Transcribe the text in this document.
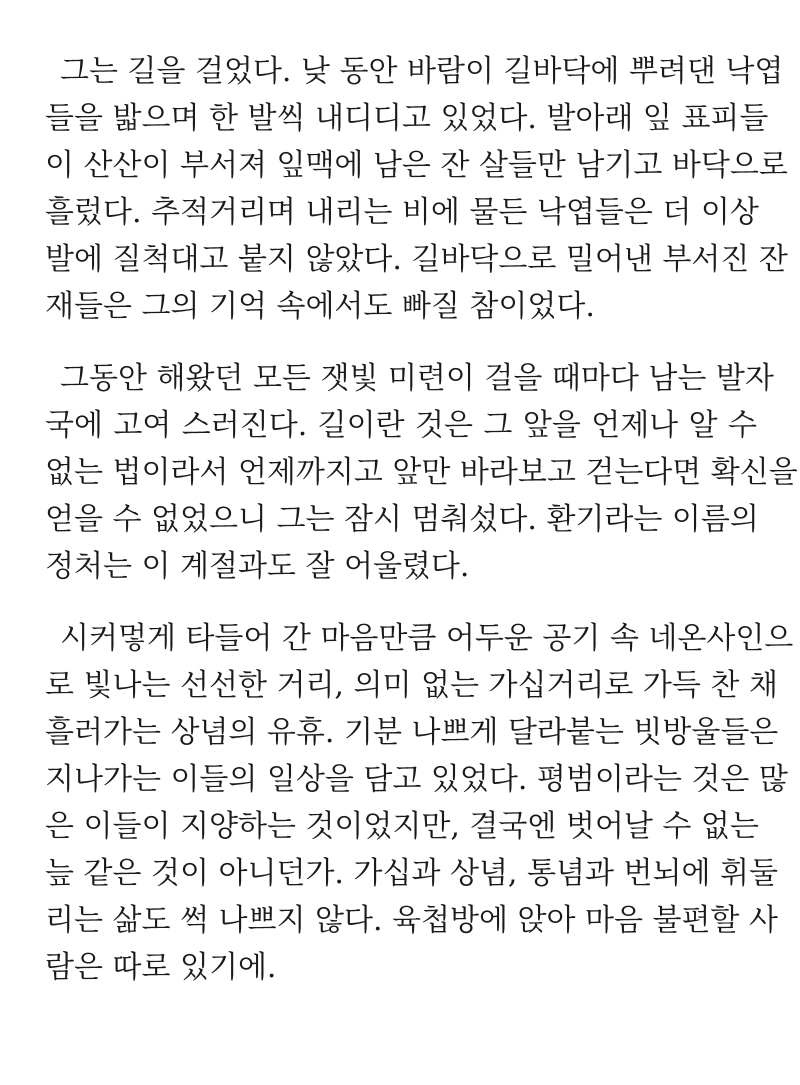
그는 길을 걸었다. 낮 동안 바람이 길바닥에 뿌려댄 낙엽
들을 밟으며 한 발씩 내디디고 있었다. 발아래 잎 표피들
이 산산이 부서져 잎맥에 남은 잔 살들만 남기고 바닥으로
흘렀다. 추적거리며 내리는 비에 물든 낙엽들은 더 이상
발에 질척대고 붙지 않았다. 길바닥으로 밀어낸 부서진 잔
재들은 그의 기억 속에서도 빠질 참이었다.
그동안 해왔던 모든 잿빛 미련이 걸을 때마다 남는 발자
국에 고여 스러진다. 길이란 것은 그 앞을 언제나 알 수
없는 법이라서 언제까지고 앞만 바라보고 걷는다면 확신을
얻을 수 없었으니 그는 잠시 멈춰섰다. 환기라는 이름의
정처는 이 계절과도 잘 어울렸다.
시커멓게 타들어 간 마음만큼 어두운 공기 속 네온사인으
로 빛나는 선선한 거리, 의미 없는 가십거리로 가득 찬 채
흘러가는 상념의 유휴. 기분 나쁘게 달라붙는 빗방울들은
지나가는 이들의 일상을 담고 있었다. 평범이라는 것은 많
은 이들이 지양하는 것이었지만, 결국엔 벗어날 수 없는
늪 같은 것이 아니던가. 가십과 상념, 통념과 번뇌에 휘둘
리는 삶도 썩 나쁘지 않다. 육첩방에 앉아 마음 불편할 사
람은 따로 있기에.
